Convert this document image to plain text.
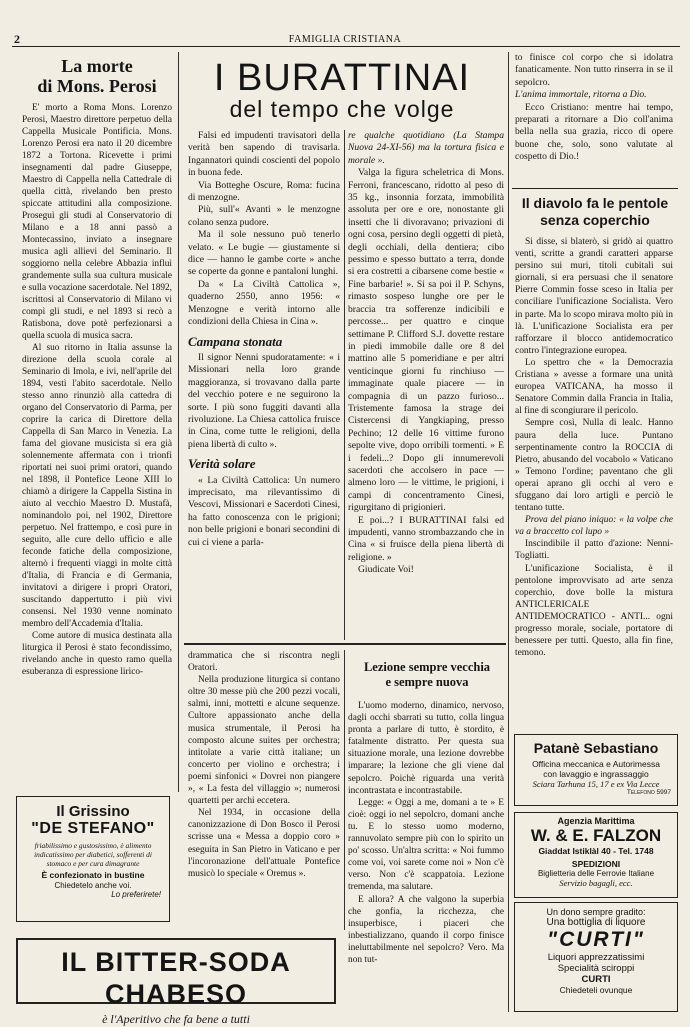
2	FAMIGLIA CRISTIANA
La morte
di Mons. Perosi

E' morto a Roma Mons. Lorenzo Perosi, Maestro direttore perpetuo della Cappella Musicale Pontificia. Mons. Lorenzo Perosi era nato il 20 dicembre 1872 a Tortona. Ricevette i primi insegnamenti dal padre Giuseppe, Maestro di Cappella nella Cattedrale di quella città, rivelando ben presto spiccate attitudini alla composizione. Proseguì gli studi al Conservatorio di Milano e a 18 anni passò a Montecassino, inviato a insegnare musica agli allievi del Seminario. Il soggiorno nella celebre Abbazia influì grandemente sulla sua cultura musicale e sulla vocazione sacerdotale. Nel 1892, iscrittosi al Conservatorio di Milano vi compì gli studi, e nel 1893 si recò a Ratisbona, dove potè perfezionarsi a quella scuola di musica sacra.

Al suo ritorno in Italia assunse la direzione della scuola corale al Seminario di Imola, e ivi, nell'aprile del 1894, vestì l'abito sacerdotale. Nello stesso anno rinunziò alla cattedra di organo del Conservatorio di Parma, per coprire la carica di Direttore della Cappella di San Marco in Venezia. La fama del giovane musicista si era già solennemente affermata con i trionfi riportati nei suoi primi oratori, quando nel 1898, il Pontefice Leone XIII lo chiamò a dirigere la Cappella Sistina in aiuto al vecchio Maestro D. Mustafà, nominandolo poi, nel 1902, Direttore perpetuo. Nel frattempo, e così pure in seguito, alle cure dello ufficio e alle feconde fatiche della composizione, alternò i frequenti viaggi in molte città d'Italia, di Francia e di Germania, invitatovi a dirigere i propri Oratori, suscitando dappertutto i più vivi consensi. Nel 1930 venne nominato membro dell'Accademia d'Italia.

Come autore di musica destinata alla liturgica il Perosi è stato fecondissimo, rivelando anche in questo ramo quella esuberanza di espressione lirico-

Il Grissino
"DE STEFANO"
friabilissimo e gustosissimo, è alimento indicatissimo per diabetici, sofferenti di stomaco e per cura dimagrante
È confezionato in bustine
Chiedetelo anche voi.
Lo preferirete!
I BURATTINAI
del tempo che volge

Falsi ed impudenti travisatori della verità ben sapendo di travisarla. Ingannatori quindi coscienti del popolo in buona fede.

Via Botteghe Oscure, Roma: fucina di menzogne.

Più, sull'« Avanti » le menzogne colano senza pudore.

Ma il sole nessuno può tenerlo velato. « Le bugie — giustamente si dice — hanno le gambe corte » anche se coperte da gonne e pantaloni lunghi.

Da « La Civiltà Cattolica », quaderno 2550, anno 1956: « Menzogne e verità intorno alle condizioni della Chiesa in Cina ».

Campana stonata

Il signor Nenni spudoratamente: « i Missionari nella loro grande maggioranza, si trovavano dalla parte del vecchio potere e ne seguirono la sorte. I più sono fuggiti davanti alla rivoluzione. La Chiesa cattolica fruisce in Cina, come tutte le religioni, della piena libertà di culto ».

Verità solare

« La Civiltà Cattolica: Un numero imprecisato, ma rilevantissimo di Vescovi, Missionari e Sacerdoti Cinesi, ha fatto conoscenza con le prigioni; non belle prigioni e bonari secondini di cui ci viene a parla-

re qualche quotidiano (La Stampa Nuova 24-XI-56) ma la tortura fisica e morale ».

Valga la figura scheletrica di Mons. Ferroni, francescano, ridotto al peso di 35 kg., insonnia forzata, immobilità assoluta per ore e ore, nonostante gli insetti che li divoravano; privazioni di ogni cosa, persino degli oggetti di pietà, degli occhiali, della dentiera; cibo pessimo e spesso buttato a terra, donde si era costretti a cibarsene come bestie « Fine barbarie! ». Si sa poi il P. Schyns, rimasto sospeso lunghe ore per le braccia tra sofferenze indicibili e percosse... per quattro e cinque settimane P. Clifford S.J. dovette restare in piedi immobile dalle ore 8 del mattino alle 5 pomeridiane e per altri venticinque giorni fu rinchiuso — immaginate quale piacere — in compagnia di un pazzo furioso... Tristemente famosa la strage dei Cistercensi di Yangkiaping, presso Pechino; 12 delle 16 vittime furono sepolte vive, dopo orribili tormenti. » E i fedeli...? Dopo gli innumerevoli sacerdoti che accolsero in pace — almeno loro — le vittime, le prigioni, i campi di concentramento Cinesi, rigurgitano di prigionieri.

E poi...? I BURATTINAI falsi ed impudenti, vanno strombazzando che in Cina « si fruisce della piena libertà di religione. »

Giudicate Voi!

drammatica che si riscontra negli Oratori.

Nella produzione liturgica si contano oltre 30 messe più che 200 pezzi vocali, salmi, inni, mottetti e alcune sequenze. Cultore appassionato anche della musica strumentale, il Perosi ha composto alcune suites per orchestra; intitolate a varie città italiane; un concerto per violino e orchestra; i poemi sinfonici « Dovrei non piangere », « La festa del villaggio »; numerosi quartetti per archi eccetera.

Nel 1934, in occasione della canonizzazione di Don Bosco il Perosi scrisse una « Messa a doppio coro » eseguita in San Pietro in Vaticano e per l'incoronazione dell'attuale Pontefice musicò lo speciale « Oremus ».

Lezione sempre vecchia
e sempre nuova

L'uomo moderno, dinamico, nervoso, dagli occhi sbarrati su tutto, colla lingua pronta a parlare di tutto, è stordito, è fatalmente distratto. Per questa sua situazione morale, una lezione dovrebbe imparare; la lezione che gli viene dal sepolcro. Poichè riguarda una verità incontrastata e incontrastabile.

Legge: « Oggi a me, domani a te » E cioè: oggi io nel sepolcro, domani anche tu. E lo stesso uomo moderno, rannuvolato sempre più con lo spirito un po' scosso. Un'altra scritta: « Noi fummo come voi, voi sarete come noi » Non c'è verso. Non c'è scappatoia. Lezione tremenda, ma salutare.

E allora? A che valgono la superbia che gonfia, la ricchezza, che insuperbisce, i piaceri che inbestializzano, quando il corpo finisce ineluttabilmente nel sepolcro? Vero. Ma non tut-

IL BITTER-SODA CHABESO
è l'Aperitivo che fa bene a tutti

to finisce col corpo che si idolatra fanaticamente. Non tutto rinserra in se il sepolcro.

L'anima immortale, ritorna a Dio.

Ecco Cristiano: mentre hai tempo, preparati a ritornare a Dio coll'anima bella nella sua grazia, ricco di opere buone che, solo, sono valutate al cospetto di Dio.!

Il diavolo fa le pentole
senza coperchio

Si disse, si blaterò, si gridò ai quattro venti, scritte a grandi caratteri apparse persino sui muri, titoli cubitali sui giornali, si era persuasi che il senatore Pierre Commin fosse sceso in Italia per conciliare l'unificazione Socialista. Vero in parte. Ma lo scopo mirava molto più in là. L'unificazione Socialista era per rafforzare il blocco antidemocratico contro l'integrazione europea.

Lo spettro che « la Democrazia Cristiana » avesse a formare una unità europea VATICANA, ha mosso il Senatore Commin dalla Francia in Italia, al fine di scongiurare il pericolo.

Sempre così, Nulla di lealc. Hanno paura della luce. Puntano serpentinamente contro la ROCCIA di Pietro, abusando del vocabolo « Vaticano » Temono l'ordine; paventano che gli operai aprano gli occhi al vero e sfuggano dai loro artigli e perciò le tentano tutte.

Prova del piano iniquo: « la volpe che va a braccetto col lupo »

Inscindibile il patto d'azione: Nenni-Togliatti.

L'unificazione Socialista, è il pentolone improvvisato ad arte senza coperchio, dove bolle la mistura ANTICLERICALE ANTIDEMOCRATICO - ANTI... ogni progresso morale, sociale, portatore di benessere per tutti. Questo, alla fin fine, temono.

Patanè Sebastiano
Officina meccanica e Autorimessa
con lavaggio e ingrassaggio
Sciara Tarhuna 15, 17 e ex Via Lecce
Telefono 5997
Agenzia Marittima
W. & E. FALZON
Giaddat Istiklàl 40 - Tel. 1748
SPEDIZIONI
Biglietteria delle Ferrovie Italiane
Servizio bagagli, ecc.
Un dono sempre gradito:
Una bottiglia di liquore
"CURTI"
Liquori apprezzatissimi
Specialità sciroppi
CURTI
Chiedeteli ovunque
